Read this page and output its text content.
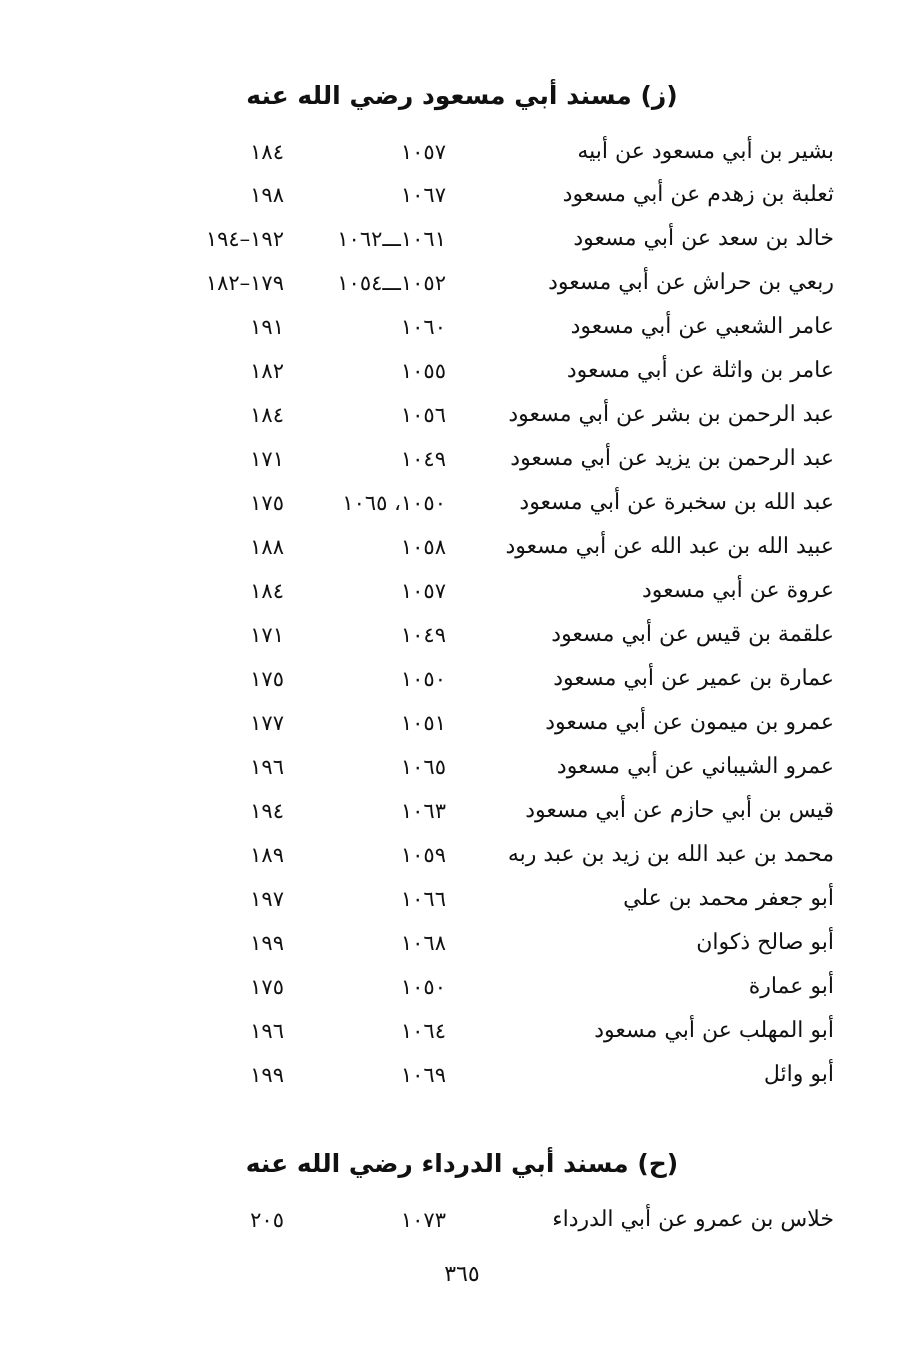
(ز) مسند أبي مسعود رضي الله عنه
بشير بن أبي مسعود عن أبيه
١٠٥٧
١٨٤
ثعلبة بن زهدم عن أبي مسعود
١٠٦٧
١٩٨
خالد بن سعد عن أبي مسعود
١٠٦١ـــ١٠٦٢
١٩٢–١٩٤
ربعي بن حراش عن أبي مسعود
١٠٥٢ـــ١٠٥٤
١٧٩–١٨٢
عامر الشعبي عن أبي مسعود
١٠٦٠
١٩١
عامر بن واثلة عن أبي مسعود
١٠٥٥
١٨٢
عبد الرحمن بن بشر عن أبي مسعود
١٠٥٦
١٨٤
عبد الرحمن بن يزيد عن أبي مسعود
١٠٤٩
١٧١
عبد الله بن سخبرة عن أبي مسعود
١٠٥٠، ١٠٦٥
١٧٥
عبيد الله بن عبد الله عن أبي مسعود
١٠٥٨
١٨٨
عروة عن أبي مسعود
١٠٥٧
١٨٤
علقمة بن قيس عن أبي مسعود
١٠٤٩
١٧١
عمارة بن عمير عن أبي مسعود
١٠٥٠
١٧٥
عمرو بن ميمون عن أبي مسعود
١٠٥١
١٧٧
عمرو الشيباني عن أبي مسعود
١٠٦٥
١٩٦
قيس بن أبي حازم عن أبي مسعود
١٠٦٣
١٩٤
محمد بن عبد الله بن زيد بن عبد ربه
١٠٥٩
١٨٩
أبو جعفر محمد بن علي
١٠٦٦
١٩٧
أبو صالح ذكوان
١٠٦٨
١٩٩
أبو عمارة
١٠٥٠
١٧٥
أبو المهلب عن أبي مسعود
١٠٦٤
١٩٦
أبو وائل
١٠٦٩
١٩٩
(ح) مسند أبي الدرداء رضي الله عنه
خلاس بن عمرو عن أبي الدرداء
١٠٧٣
٢٠٥
٣٦٥
